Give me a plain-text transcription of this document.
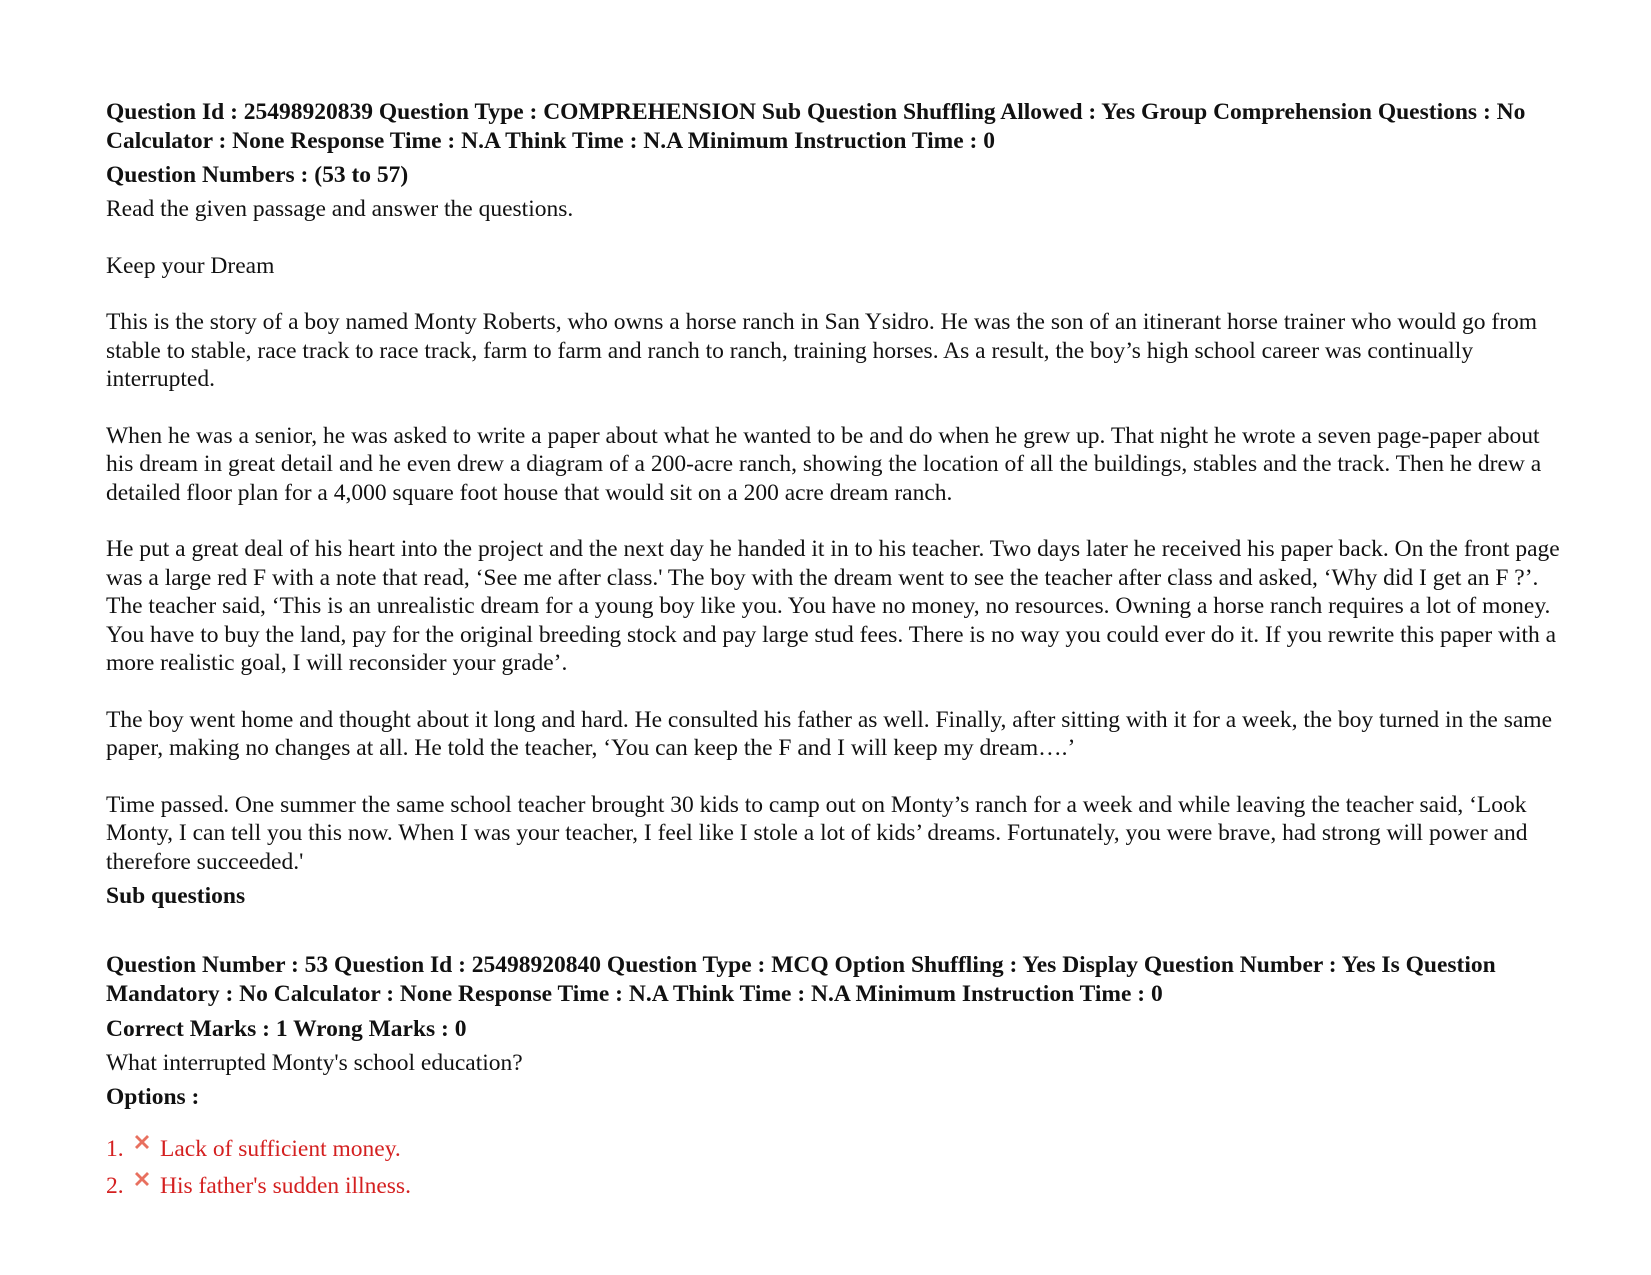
Question Id : 25498920839 Question Type : COMPREHENSION Sub Question Shuffling Allowed : Yes Group Comprehension Questions : No Calculator : None Response Time : N.A Think Time : N.A Minimum Instruction Time : 0

Question Numbers : (53 to 57)

Read the given passage and answer the questions.

Keep your Dream

This is the story of a boy named Monty Roberts, who owns a horse ranch in San Ysidro. He was the son of an itinerant horse trainer who would go from stable to stable, race track to race track, farm to farm and ranch to ranch, training horses. As a result, the boy’s high school career was continually interrupted.

When he was a senior, he was asked to write a paper about what he wanted to be and do when he grew up. That night he wrote a seven page-paper about his dream in great detail and he even drew a diagram of a 200-acre ranch, showing the location of all the buildings, stables and the track. Then he drew a detailed floor plan for a 4,000 square foot house that would sit on a 200 acre dream ranch.

He put a great deal of his heart into the project and the next day he handed it in to his teacher. Two days later he received his paper back. On the front page was a large red F with a note that read, ‘See me after class.' The boy with the dream went to see the teacher after class and asked, ‘Why did I get an F ?’. The teacher said, ‘This is an unrealistic dream for a young boy like you. You have no money, no resources. Owning a horse ranch requires a lot of money. You have to buy the land, pay for the original breeding stock and pay large stud fees. There is no way you could ever do it. If you rewrite this paper with a more realistic goal, I will reconsider your grade’.

The boy went home and thought about it long and hard. He consulted his father as well. Finally, after sitting with it for a week, the boy turned in the same paper, making no changes at all. He told the teacher, ‘You can keep the F and I will keep my dream….’

Time passed. One summer the same school teacher brought 30 kids to camp out on Monty’s ranch for a week and while leaving the teacher said, ‘Look Monty, I can tell you this now. When I was your teacher, I feel like I stole a lot of kids’ dreams. Fortunately, you were brave, had strong will power and therefore succeeded.'

Sub questions

Question Number : 53 Question Id : 25498920840 Question Type : MCQ Option Shuffling : Yes Display Question Number : Yes Is Question Mandatory : No Calculator : None Response Time : N.A Think Time : N.A Minimum Instruction Time : 0

Correct Marks : 1 Wrong Marks : 0

What interrupted Monty's school education?

Options :

1.	Lack of sufficient money.
2.	His father's sudden illness.
